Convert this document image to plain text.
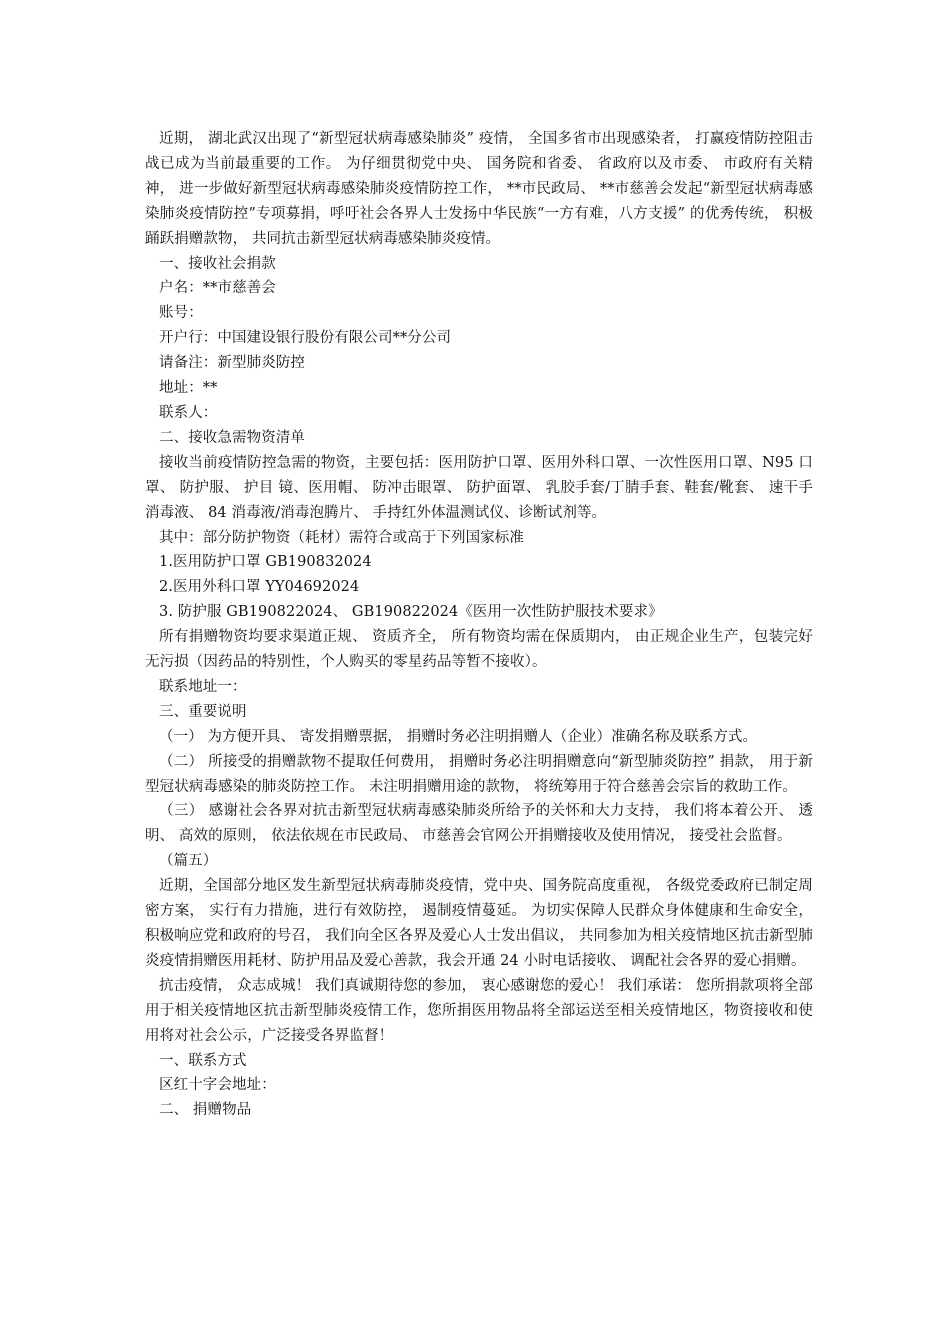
近期， 湖北武汉出现了“新型冠状病毒感染肺炎” 疫情， 全国多省市出现感染者， 打赢疫情防控阻击战已成为当前最重要的工作。 为仔细贯彻党中央、 国务院和省委、 省政府以及市委、 市政府有关精神， 进一步做好新型冠状病毒感染肺炎疫情防控工作， **市民政局、 **市慈善会发起“新型冠状病毒感染肺炎疫情防控”专项募捐，呼吁社会各界人士发扬中华民族“一方有难，八方支援” 的优秀传统， 积极踊跃捐赠款物， 共同抗击新型冠状病毒感染肺炎疫情。

一、接收社会捐款

户名：**市慈善会

账号：

开户行：中国建设银行股份有限公司**分公司

请备注：新型肺炎防控

地址：**

联系人：

二、接收急需物资清单

接收当前疫情防控急需的物资，主要包括：医用防护口罩、医用外科口罩、一次性医用口罩、N95 口 罩、 防护服、 护目 镜、医用帽、 防冲击眼罩、 防护面罩、 乳胶手套/丁腈手套、鞋套/靴套、 速干手消毒液、 84 消毒液/消毒泡腾片、 手持红外体温测试仪、诊断试剂等。

其中：部分防护物资（耗材）需符合或高于下列国家标准

1.医用防护口罩 GB190832024

2.医用外科口罩 YY04692024

3. 防护服 GB190822024、 GB190822024《医用一次性防护服技术要求》

所有捐赠物资均要求渠道正规、 资质齐全， 所有物资均需在保质期内， 由正规企业生产，包装完好无污损（因药品的特别性，个人购买的零星药品等暂不接收）。

联系地址一：

三、重要说明

（一） 为方便开具、 寄发捐赠票据， 捐赠时务必注明捐赠人（企业）准确名称及联系方式。

（二） 所接受的捐赠款物不提取任何费用， 捐赠时务必注明捐赠意向“新型肺炎防控” 捐款， 用于新型冠状病毒感染的肺炎防控工作。 未注明捐赠用途的款物， 将统筹用于符合慈善会宗旨的救助工作。

（三） 感谢社会各界对抗击新型冠状病毒感染肺炎所给予的关怀和大力支持， 我们将本着公开、 透明、 高效的原则， 依法依规在市民政局、 市慈善会官网公开捐赠接收及使用情况， 接受社会监督。

（篇五）

近期，全国部分地区发生新型冠状病毒肺炎疫情，党中央、国务院高度重视， 各级党委政府已制定周密方案， 实行有力措施，进行有效防控， 遏制疫情蔓延。 为切实保障人民群众身体健康和生命安全， 积极响应党和政府的号召， 我们向全区各界及爱心人士发出倡议， 共同参加为相关疫情地区抗击新型肺炎疫情捐赠医用耗材、防护用品及爱心善款，我会开通 24 小时电话接收、 调配社会各界的爱心捐赠。

抗击疫情， 众志成城！ 我们真诚期待您的参加， 衷心感谢您的爱心！ 我们承诺： 您所捐款项将全部用于相关疫情地区抗击新型肺炎疫情工作，您所捐医用物品将全部运送至相关疫情地区，物资接收和使用将对社会公示，广泛接受各界监督！

一、联系方式

区红十字会地址：

二、 捐赠物品
